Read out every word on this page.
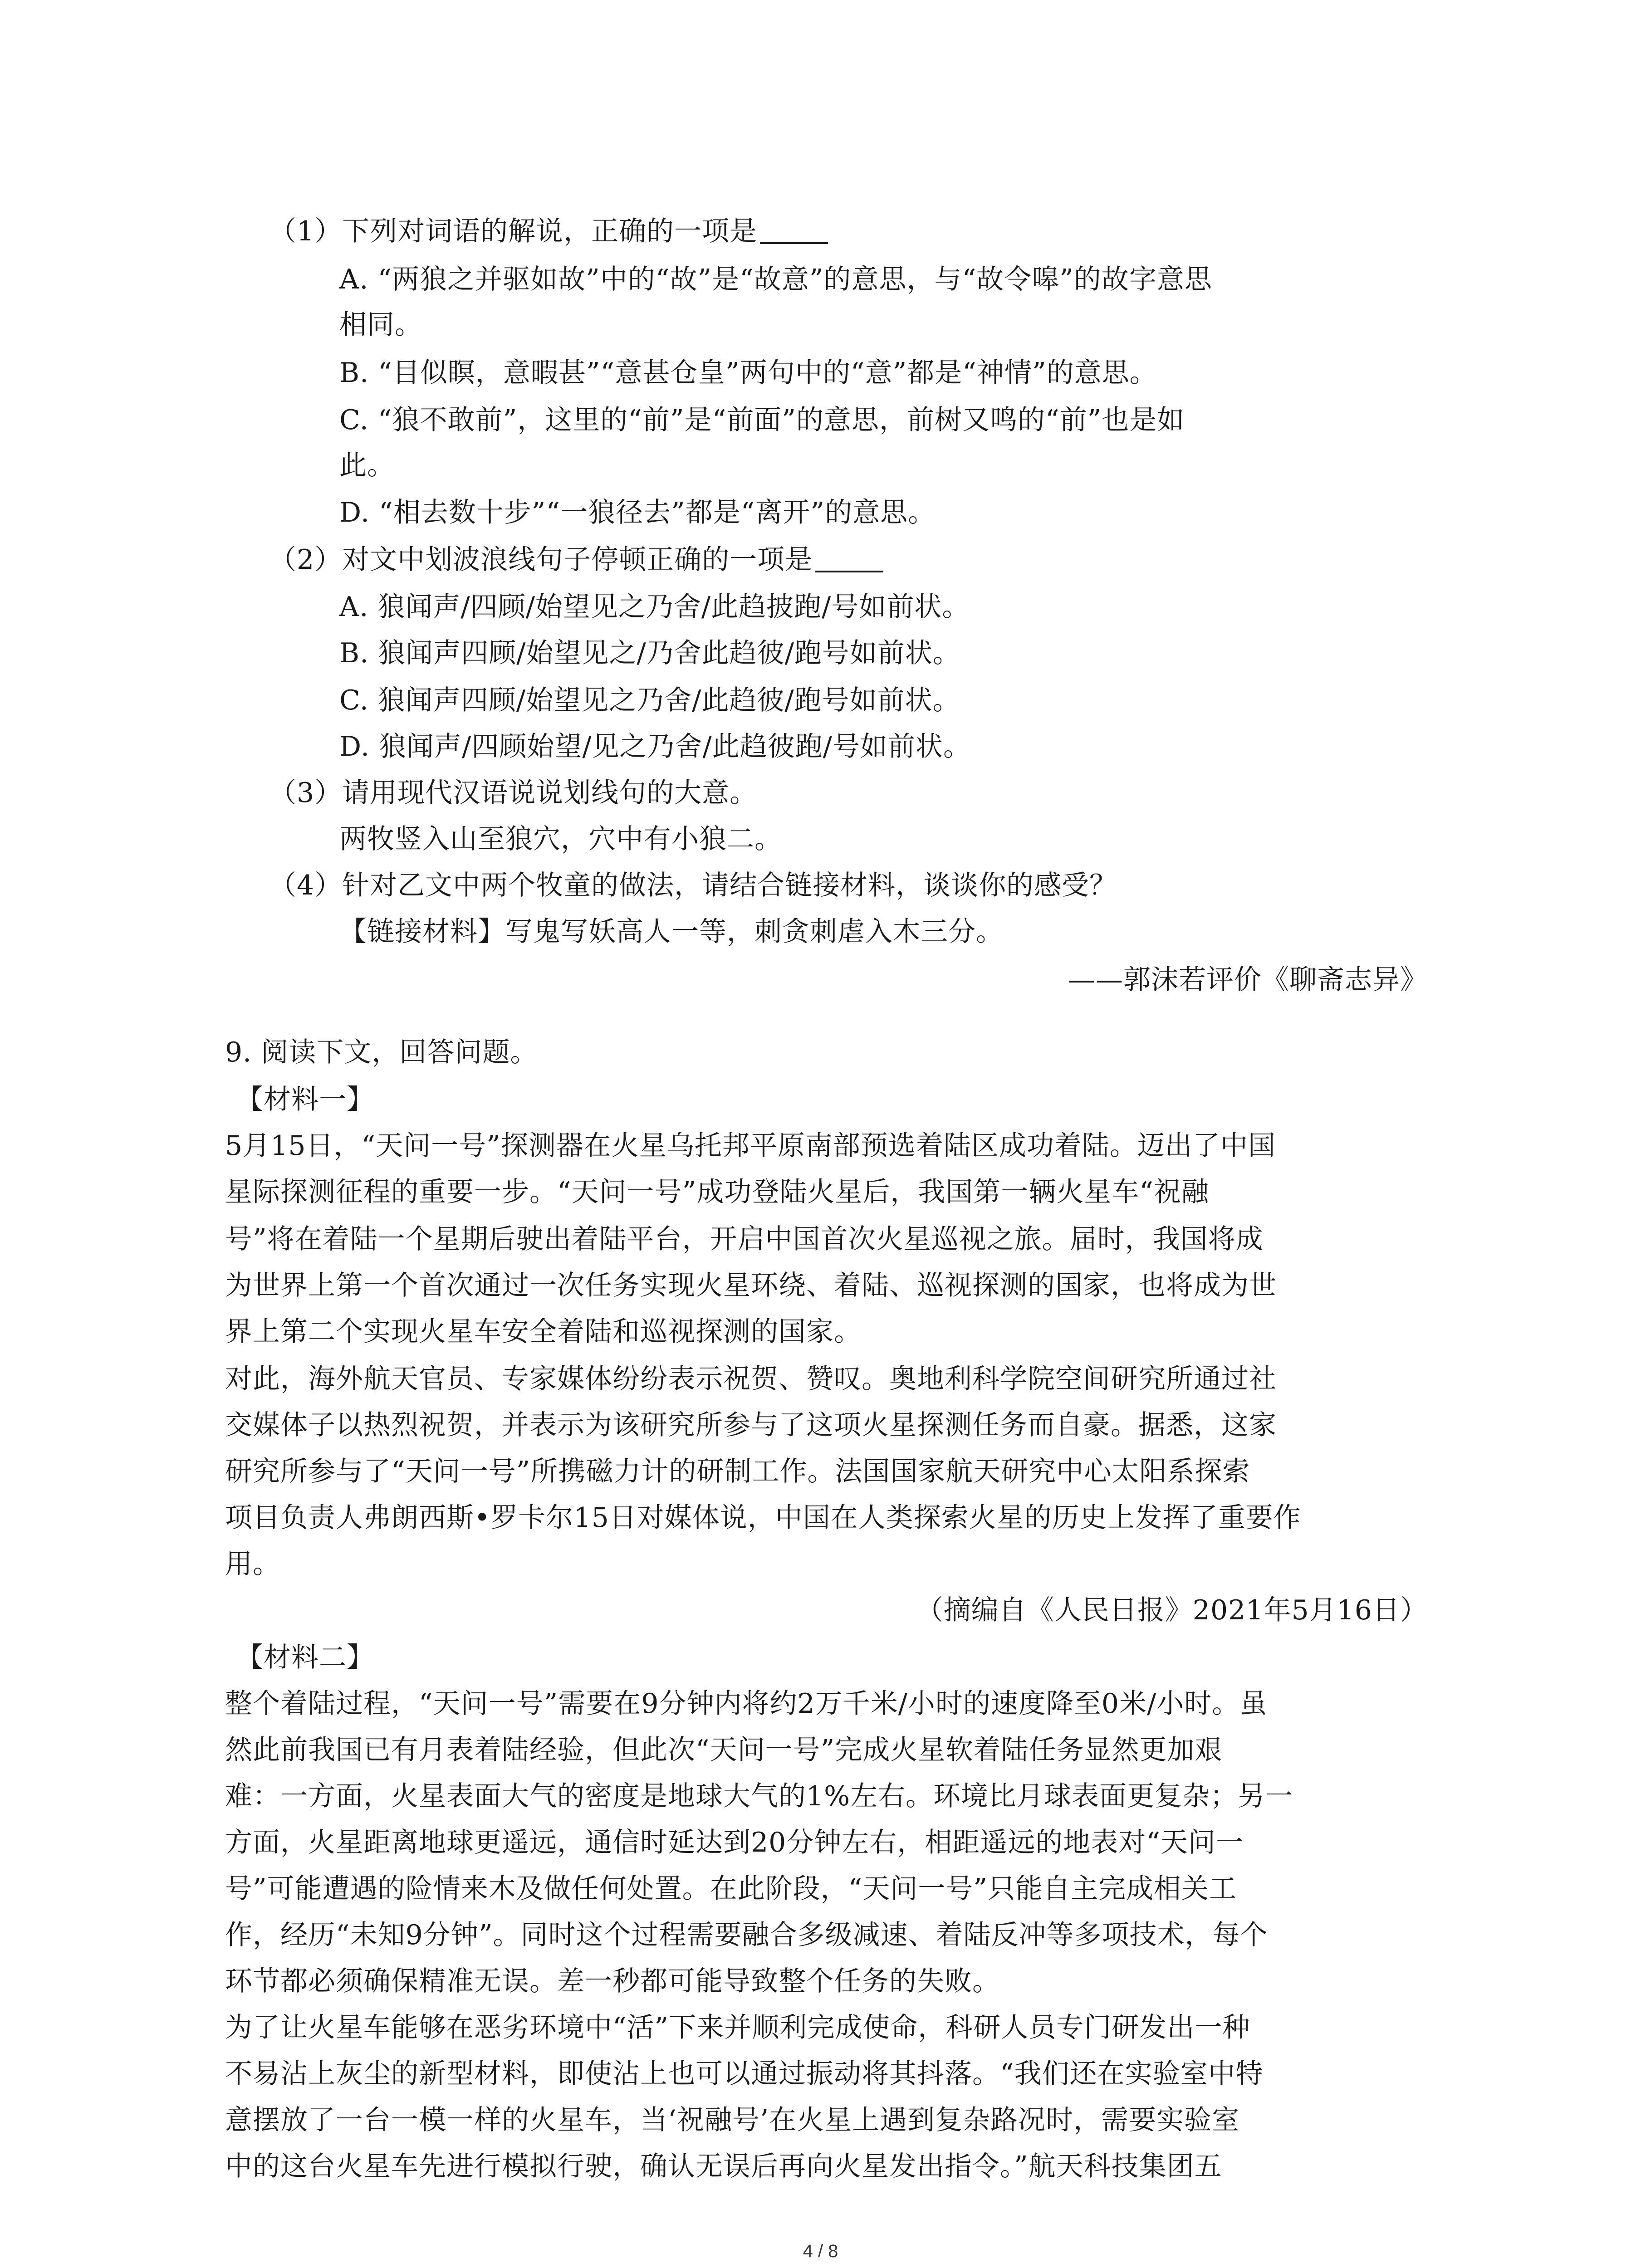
（1）下列对词语的解说，正确的一项是
A. “两狼之并驱如故”中的“故”是“故意”的意思，与“故令嗥”的故字意思
相同。
B. “目似瞑，意暇甚”“意甚仓皇”两句中的“意”都是“神情”的意思。
C. “狼不敢前”，这里的“前”是“前面”的意思，前树又鸣的“前”也是如
此。
D. “相去数十步”“一狼径去”都是“离开”的意思。
（2）对文中划波浪线句子停顿正确的一项是
A. 狼闻声/四顾/始望见之乃舍/此趋披跑/号如前状。
B. 狼闻声四顾/始望见之/乃舍此趋彼/跑号如前状。
C. 狼闻声四顾/始望见之乃舍/此趋彼/跑号如前状。
D. 狼闻声/四顾始望/见之乃舍/此趋彼跑/号如前状。
（3）请用现代汉语说说划线句的大意。
两牧竖入山至狼穴，穴中有小狼二。
（4）针对乙文中两个牧童的做法，请结合链接材料，谈谈你的感受？
【链接材料】写鬼写妖高人一等，刺贪刺虐入木三分。
——郭沫若评价《聊斋志异》
9. 阅读下文，回答问题。
【材料一】
5月15日，“天问一号”探测器在火星乌托邦平原南部预选着陆区成功着陆。迈出了中国
星际探测征程的重要一步。“天问一号”成功登陆火星后，我国第一辆火星车“祝融
号”将在着陆一个星期后驶出着陆平台，开启中国首次火星巡视之旅。届时，我国将成
为世界上第一个首次通过一次任务实现火星环绕、着陆、巡视探测的国家，也将成为世
界上第二个实现火星车安全着陆和巡视探测的国家。
对此，海外航天官员、专家媒体纷纷表示祝贺、赞叹。奥地利科学院空间研究所通过社
交媒体子以热烈祝贺，并表示为该研究所参与了这项火星探测任务而自豪。据悉，这家
研究所参与了“天问一号”所携磁力计的研制工作。法国国家航天研究中心太阳系探索
项目负责人弗朗西斯•罗卡尔15日对媒体说，中国在人类探索火星的历史上发挥了重要作
用。
（摘编自《人民日报》2021年5月16日）
【材料二】
整个着陆过程，“天问一号”需要在9分钟内将约2万千米/小时的速度降至0米/小时。虽
然此前我国已有月表着陆经验，但此次“天问一号”完成火星软着陆任务显然更加艰
难：一方面，火星表面大气的密度是地球大气的1%左右。环境比月球表面更复杂；另一
方面，火星距离地球更遥远，通信时延达到20分钟左右，相距遥远的地表对“天问一
号”可能遭遇的险情来木及做任何处置。在此阶段，“天问一号”只能自主完成相关工
作，经历“未知9分钟”。同时这个过程需要融合多级减速、着陆反冲等多项技术，每个
环节都必须确保精准无误。差一秒都可能导致整个任务的失败。
为了让火星车能够在恶劣环境中“活”下来并顺利完成使命，科研人员专门研发出一种
不易沾上灰尘的新型材料，即使沾上也可以通过振动将其抖落。“我们还在实验室中特
意摆放了一台一模一样的火星车，当‘祝融号’在火星上遇到复杂路况时，需要实验室
中的这台火星车先进行模拟行驶，确认无误后再向火星发出指令。”航天科技集团五
4 / 8
